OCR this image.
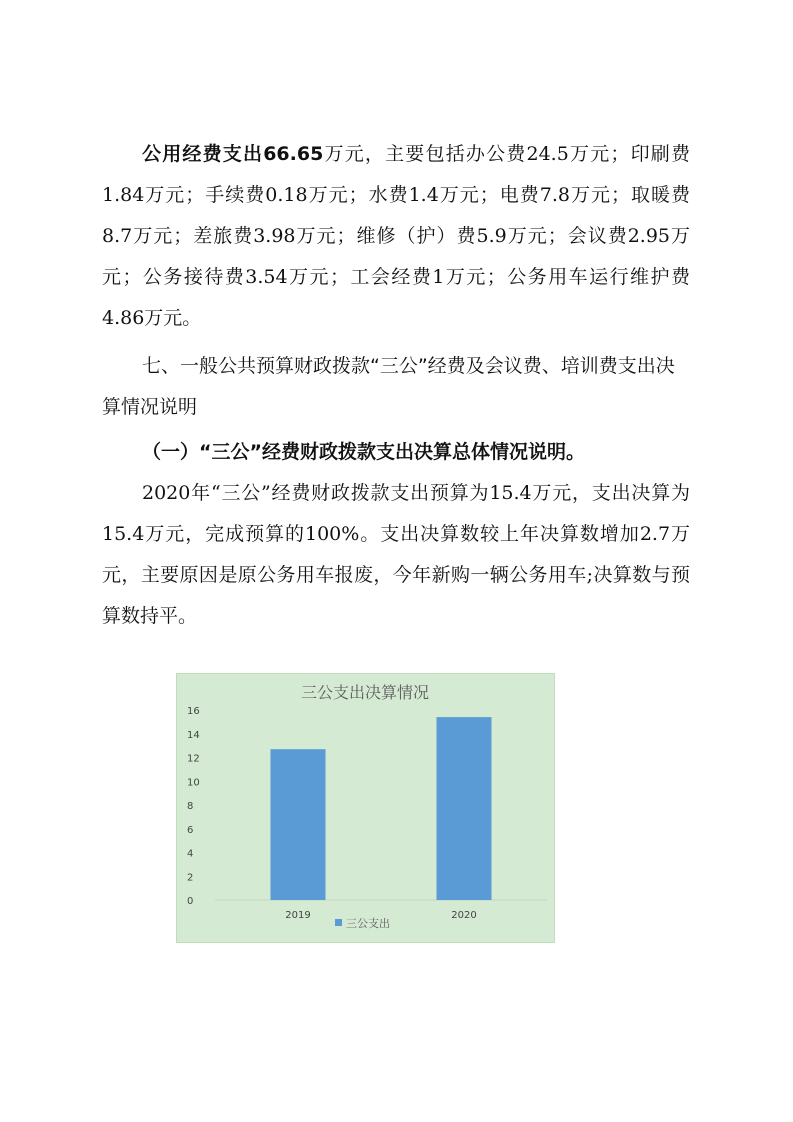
公用经费支出66.65万元，主要包括办公费24.5万元；印刷费1.84万元；手续费0.18万元；水费1.4万元；电费7.8万元；取暖费8.7万元；差旅费3.98万元；维修（护）费5.9万元；会议费2.95万元；公务接待费3.54万元；工会经费1万元；公务用车运行维护费4.86万元。
七、一般公共预算财政拨款“三公”经费及会议费、培训费支出决算情况说明
（一）“三公”经费财政拨款支出决算总体情况说明。
2020年“三公”经费财政拨款支出预算为15.4万元，支出决算为15.4万元，完成预算的100%。支出决算数较上年决算数增加2.7万元，主要原因是原公务用车报废，今年新购一辆公务用车;决算数与预算数持平。
三公支出决算情况
0
2
4
6
8
10
12
14
16
2019	2020
三公支出
